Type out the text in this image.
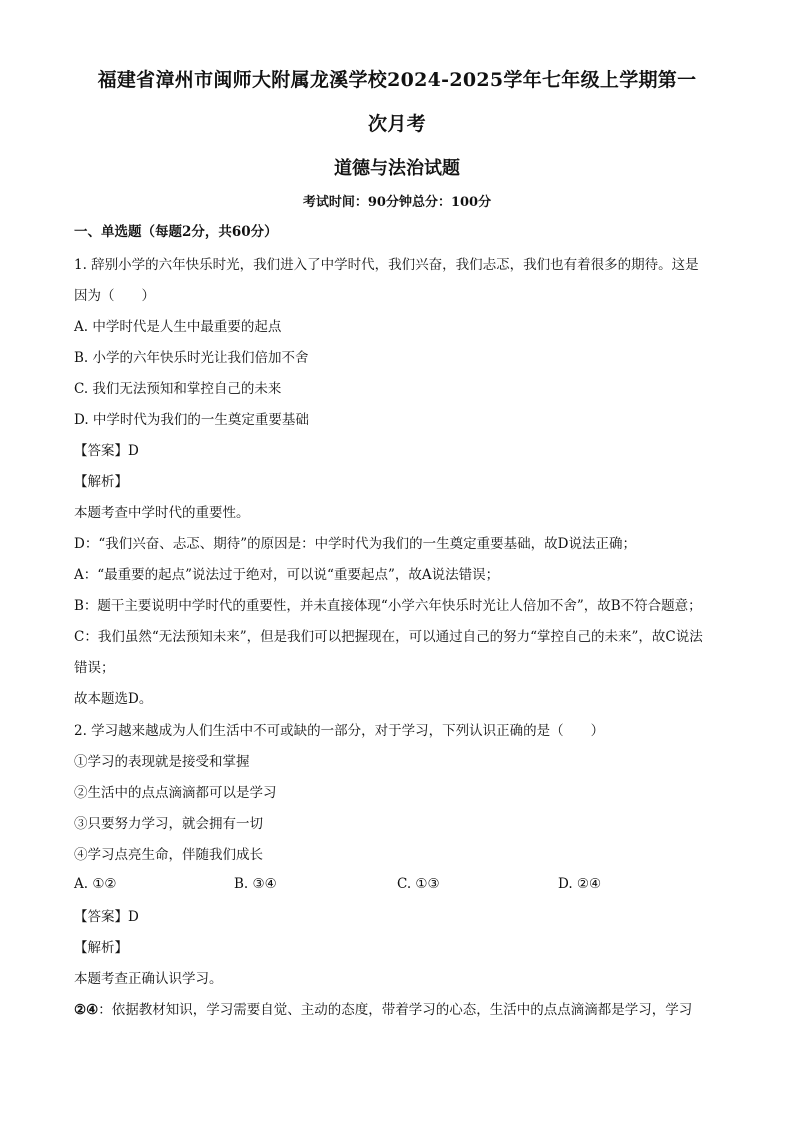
福建省漳州市闽师大附属龙溪学校2024-2025学年七年级上学期第一
次月考
道德与法治试题
考试时间：90分钟总分：100分
一、单选题（每题2分，共60分）
1. 辞别小学的六年快乐时光，我们进入了中学时代，我们兴奋，我们忐忑，我们也有着很多的期待。这是
因为（　　）
A. 中学时代是人生中最重要的起点
B. 小学的六年快乐时光让我们倍加不舍
C. 我们无法预知和掌控自己的未来
D. 中学时代为我们的一生奠定重要基础
【答案】D
【解析】
本题考查中学时代的重要性。
D：“我们兴奋、忐忑、期待”的原因是：中学时代为我们的一生奠定重要基础，故D说法正确；
A：“最重要的起点”说法过于绝对，可以说“重要起点”，故A说法错误；
B：题干主要说明中学时代的重要性，并未直接体现“小学六年快乐时光让人倍加不舍”，故B不符合题意；
C：我们虽然“无法预知未来”，但是我们可以把握现在，可以通过自己的努力“掌控自己的未来”，故C说法
错误；
故本题选D。
2. 学习越来越成为人们生活中不可或缺的一部分，对于学习，下列认识正确的是（　　）
①学习的表现就是接受和掌握
②生活中的点点滴滴都可以是学习
③只要努力学习，就会拥有一切
④学习点亮生命，伴随我们成长
A. ①②	B. ③④	C. ①③	D. ②④
【答案】D
【解析】
本题考查正确认识学习。
②④：依据教材知识，学习需要自觉、主动的态度，带着学习的心态，生活中的点点滴滴都是学习，学习
